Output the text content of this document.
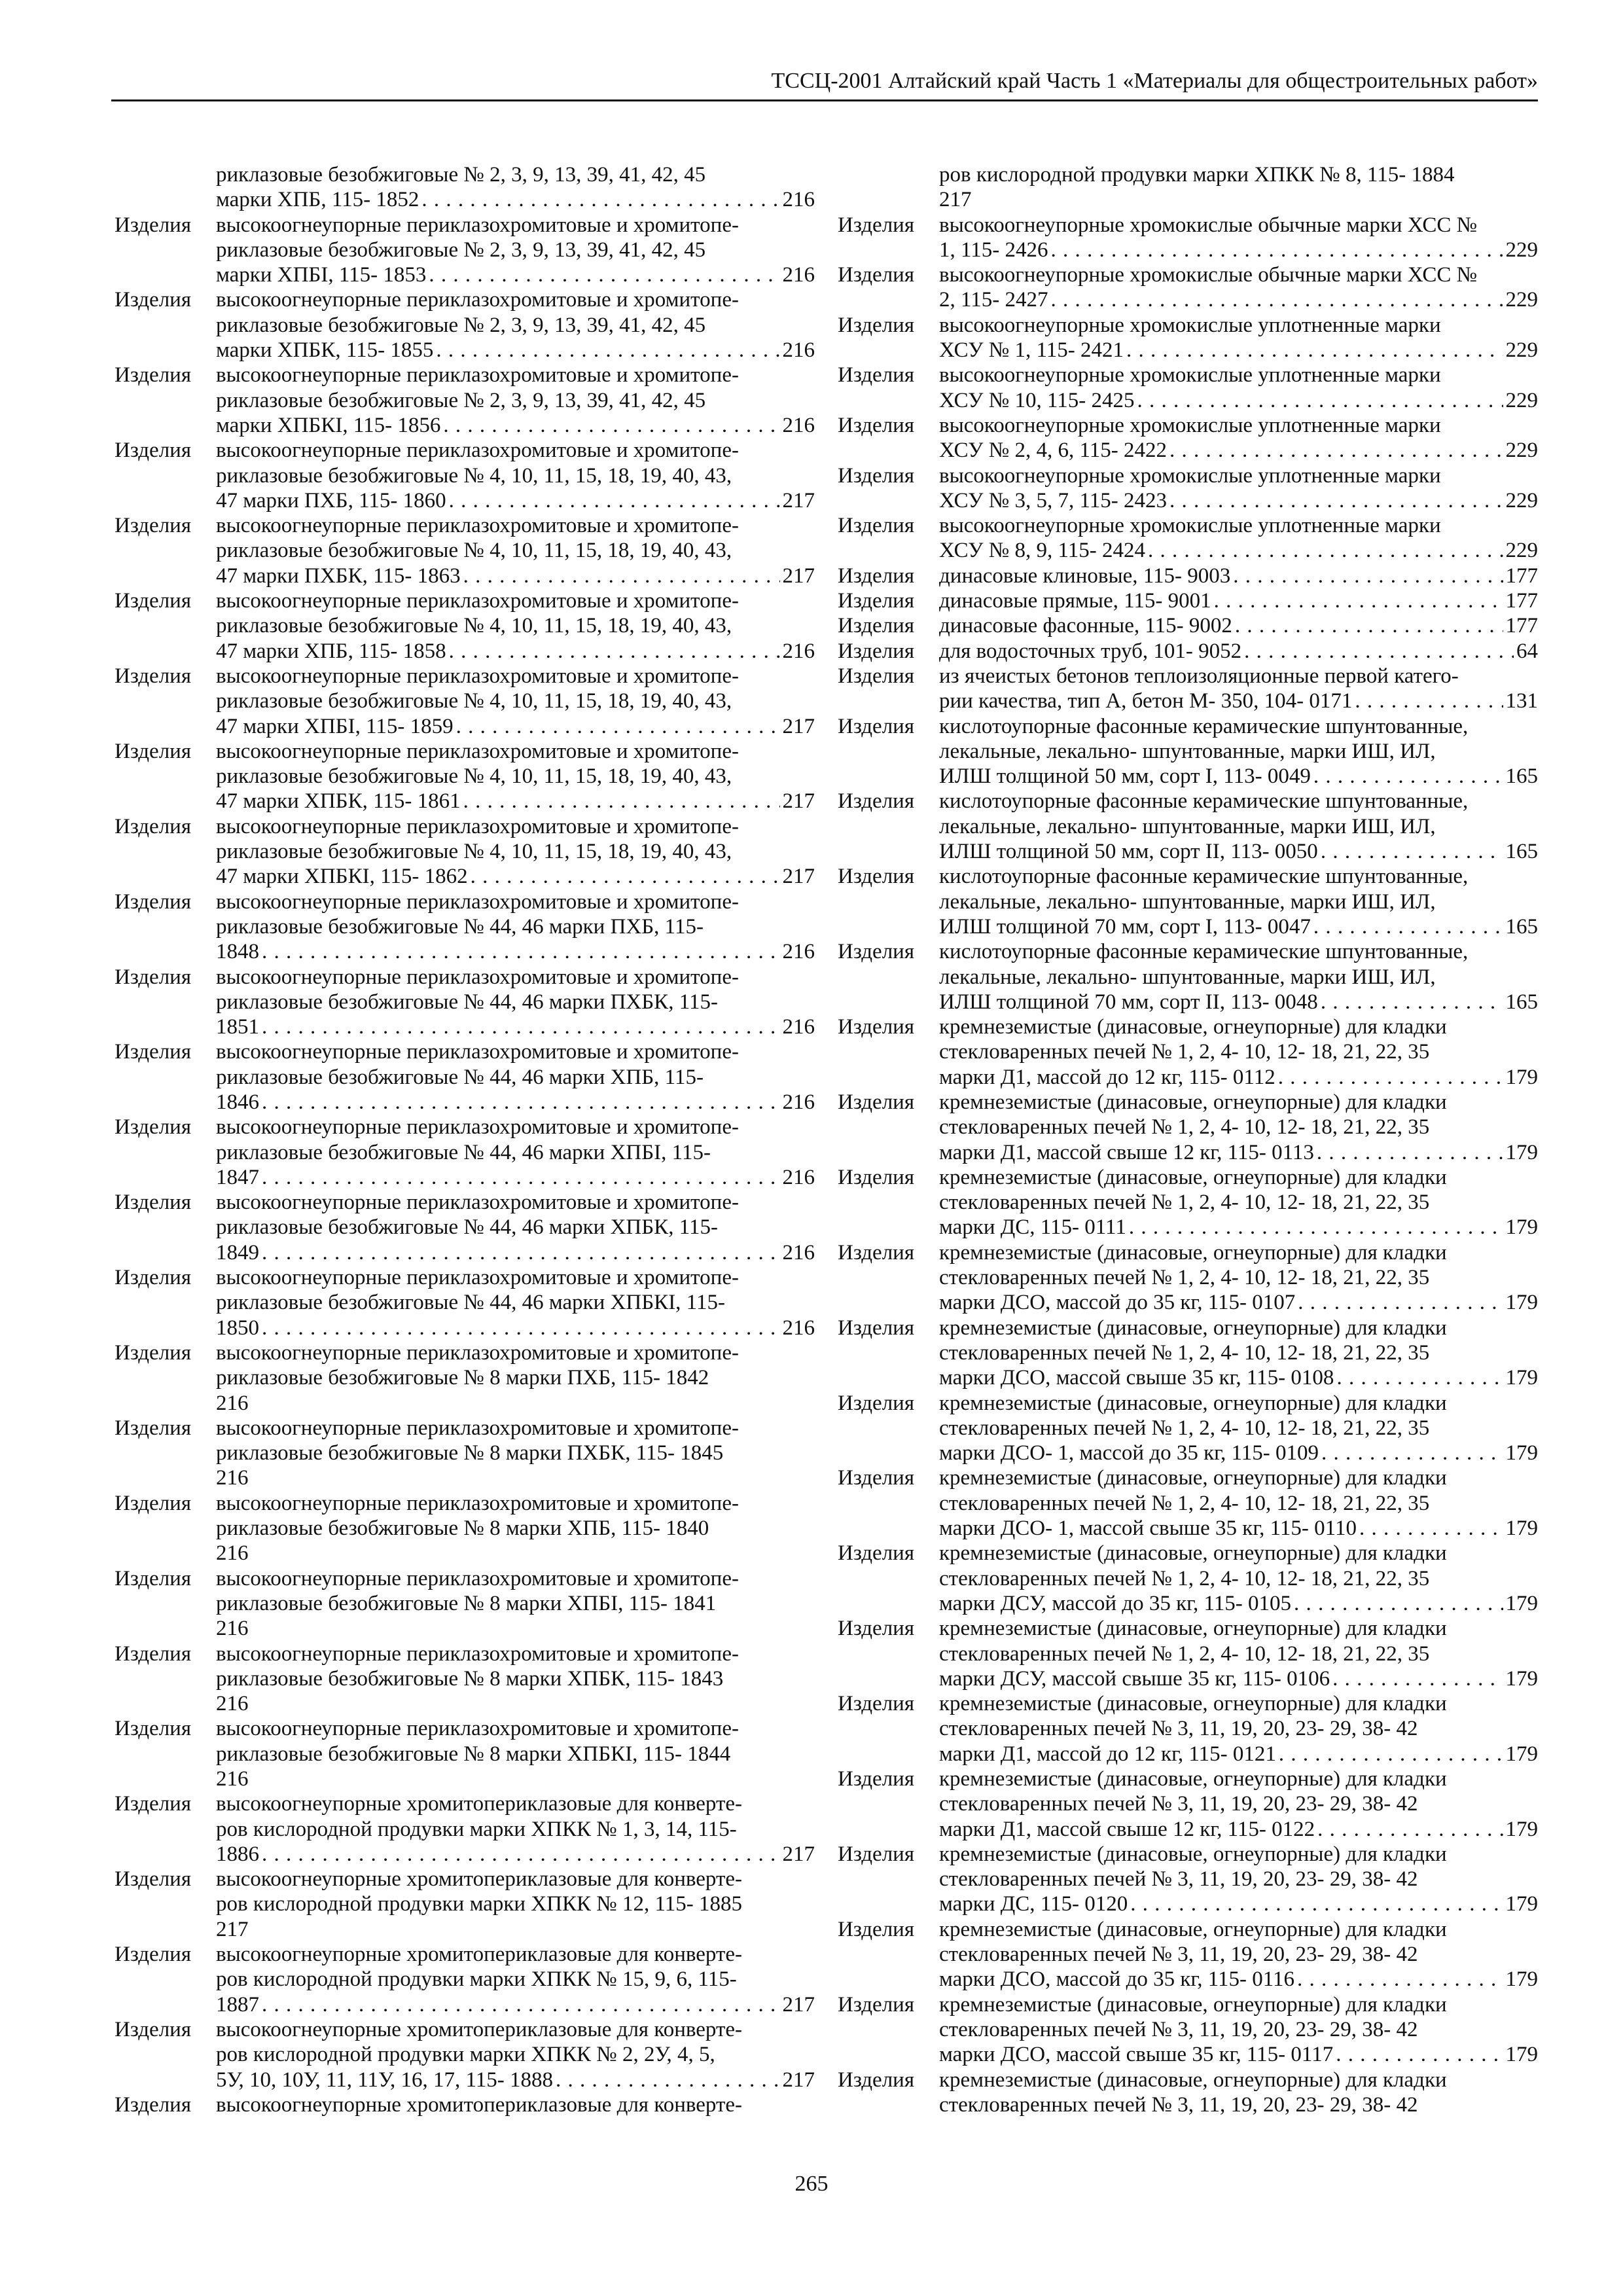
ТССЦ-2001 Алтайский край Часть 1 «Материалы для общестроительных работ»
риклазовые безобжиговые № 2, 3, 9, 13, 39, 41, 42, 45
марки ХПБ, 115- 1852 . . .	216
Изделия	высокоогнеупорные периклазохромитовые и хромитопе-
риклазовые безобжиговые № 2, 3, 9, 13, 39, 41, 42, 45
марки ХПБІ, 115- 1853 . . .	216
Изделия	высокоогнеупорные периклазохромитовые и хромитопе-
риклазовые безобжиговые № 2, 3, 9, 13, 39, 41, 42, 45
марки ХПБК, 115- 1855 . . .	216
Изделия	высокоогнеупорные периклазохромитовые и хромитопе-
риклазовые безобжиговые № 2, 3, 9, 13, 39, 41, 42, 45
марки ХПБКІ, 115- 1856 . . .	216
Изделия	высокоогнеупорные периклазохромитовые и хромитопе-
риклазовые безобжиговые № 4, 10, 11, 15, 18, 19, 40, 43,
47 марки ПХБ, 115- 1860 . . .	217
Изделия	высокоогнеупорные периклазохромитовые и хромитопе-
риклазовые безобжиговые № 4, 10, 11, 15, 18, 19, 40, 43,
47 марки ПХБК, 115- 1863 . . .	217
Изделия	высокоогнеупорные периклазохромитовые и хромитопе-
риклазовые безобжиговые № 4, 10, 11, 15, 18, 19, 40, 43,
47 марки ХПБ, 115- 1858 . . .	216
Изделия	высокоогнеупорные периклазохромитовые и хромитопе-
риклазовые безобжиговые № 4, 10, 11, 15, 18, 19, 40, 43,
47 марки ХПБІ, 115- 1859 . . .	217
Изделия	высокоогнеупорные периклазохромитовые и хромитопе-
риклазовые безобжиговые № 4, 10, 11, 15, 18, 19, 40, 43,
47 марки ХПБК, 115- 1861 . . .	217
Изделия	высокоогнеупорные периклазохромитовые и хромитопе-
риклазовые безобжиговые № 4, 10, 11, 15, 18, 19, 40, 43,
47 марки ХПБКІ, 115- 1862 . . .	217
Изделия	высокоогнеупорные периклазохромитовые и хромитопе-
риклазовые безобжиговые № 44, 46 марки ПХБ, 115-
1848 . . .	216
Изделия	высокоогнеупорные периклазохромитовые и хромитопе-
риклазовые безобжиговые № 44, 46 марки ПХБК, 115-
1851 . . .	216
Изделия	высокоогнеупорные периклазохромитовые и хромитопе-
риклазовые безобжиговые № 44, 46 марки ХПБ, 115-
1846 . . .	216
Изделия	высокоогнеупорные периклазохромитовые и хромитопе-
риклазовые безобжиговые № 44, 46 марки ХПБІ, 115-
1847 . . .	216
Изделия	высокоогнеупорные периклазохромитовые и хромитопе-
риклазовые безобжиговые № 44, 46 марки ХПБК, 115-
1849 . . .	216
Изделия	высокоогнеупорные периклазохромитовые и хромитопе-
риклазовые безобжиговые № 44, 46 марки ХПБКІ, 115-
1850 . . .	216
Изделия	высокоогнеупорные периклазохромитовые и хромитопе-
риклазовые безобжиговые № 8 марки ПХБ, 115- 1842
216
Изделия	высокоогнеупорные периклазохромитовые и хромитопе-
риклазовые безобжиговые № 8 марки ПХБК, 115- 1845
216
Изделия	высокоогнеупорные периклазохромитовые и хромитопе-
риклазовые безобжиговые № 8 марки ХПБ, 115- 1840
216
Изделия	высокоогнеупорные периклазохромитовые и хромитопе-
риклазовые безобжиговые № 8 марки ХПБІ, 115- 1841
216
Изделия	высокоогнеупорные периклазохромитовые и хромитопе-
риклазовые безобжиговые № 8 марки ХПБК, 115- 1843
216
Изделия	высокоогнеупорные периклазохромитовые и хромитопе-
риклазовые безобжиговые № 8 марки ХПБКІ, 115- 1844
216
Изделия	высокоогнеупорные хромитопериклазовые для конверте-
ров кислородной продувки марки ХПКК № 1, 3, 14, 115-
1886 . . .	217
Изделия	высокоогнеупорные хромитопериклазовые для конверте-
ров кислородной продувки марки ХПКК № 12, 115- 1885
217
Изделия	высокоогнеупорные хромитопериклазовые для конверте-
ров кислородной продувки марки ХПКК № 15, 9, 6, 115-
1887 . . .	217
Изделия	высокоогнеупорные хромитопериклазовые для конверте-
ров кислородной продувки марки ХПКК № 2, 2У, 4, 5,
5У, 10, 10У, 11, 11У, 16, 17, 115- 1888 . . .	217
Изделия	высокоогнеупорные хромитопериклазовые для конверте-
ров кислородной продувки марки ХПКК № 8, 115- 1884
217
Изделия	высокоогнеупорные хромокислые обычные марки ХСС №
1, 115- 2426 . . .	229
Изделия	высокоогнеупорные хромокислые обычные марки ХСС №
2, 115- 2427 . . .	229
Изделия	высокоогнеупорные хромокислые уплотненные марки
ХСУ № 1, 115- 2421 . . .	229
Изделия	высокоогнеупорные хромокислые уплотненные марки
ХСУ № 10, 115- 2425 . . .	229
Изделия	высокоогнеупорные хромокислые уплотненные марки
ХСУ № 2, 4, 6, 115- 2422 . . .	229
Изделия	высокоогнеупорные хромокислые уплотненные марки
ХСУ № 3, 5, 7, 115- 2423 . . .	229
Изделия	высокоогнеупорные хромокислые уплотненные марки
ХСУ № 8, 9, 115- 2424 . . .	229
Изделия	динасовые клиновые, 115- 9003 . . .	177
Изделия	динасовые прямые, 115- 9001 . . .	177
Изделия	динасовые фасонные, 115- 9002 . . .	177
Изделия	для водосточных труб, 101- 9052 . . .	64
Изделия	из ячеистых бетонов теплоизоляционные первой катего-
рии качества, тип А, бетон М- 350, 104- 0171 . . .	131
Изделия	кислотоупорные фасонные керамические шпунтованные,
лекальные, лекально- шпунтованные, марки ИШ, ИЛ,
ИЛШ толщиной 50 мм, сорт I, 113- 0049 . . .	165
Изделия	кислотоупорные фасонные керамические шпунтованные,
лекальные, лекально- шпунтованные, марки ИШ, ИЛ,
ИЛШ толщиной 50 мм, сорт II, 113- 0050 . . .	165
Изделия	кислотоупорные фасонные керамические шпунтованные,
лекальные, лекально- шпунтованные, марки ИШ, ИЛ,
ИЛШ толщиной 70 мм, сорт I, 113- 0047 . . .	165
Изделия	кислотоупорные фасонные керамические шпунтованные,
лекальные, лекально- шпунтованные, марки ИШ, ИЛ,
ИЛШ толщиной 70 мм, сорт II, 113- 0048 . . .	165
Изделия	кремнеземистые (динасовые, огнеупорные) для кладки
стекловаренных печей № 1, 2, 4- 10, 12- 18, 21, 22, 35
марки Д1, массой до 12 кг, 115- 0112 . . .	179
Изделия	кремнеземистые (динасовые, огнеупорные) для кладки
стекловаренных печей № 1, 2, 4- 10, 12- 18, 21, 22, 35
марки Д1, массой свыше 12 кг, 115- 0113 . . .	179
Изделия	кремнеземистые (динасовые, огнеупорные) для кладки
стекловаренных печей № 1, 2, 4- 10, 12- 18, 21, 22, 35
марки ДС, 115- 0111 . . .	179
Изделия	кремнеземистые (динасовые, огнеупорные) для кладки
стекловаренных печей № 1, 2, 4- 10, 12- 18, 21, 22, 35
марки ДСО, массой до 35 кг, 115- 0107 . . .	179
Изделия	кремнеземистые (динасовые, огнеупорные) для кладки
стекловаренных печей № 1, 2, 4- 10, 12- 18, 21, 22, 35
марки ДСО, массой свыше 35 кг, 115- 0108 . . .	179
Изделия	кремнеземистые (динасовые, огнеупорные) для кладки
стекловаренных печей № 1, 2, 4- 10, 12- 18, 21, 22, 35
марки ДСО- 1, массой до 35 кг, 115- 0109 . . .	179
Изделия	кремнеземистые (динасовые, огнеупорные) для кладки
стекловаренных печей № 1, 2, 4- 10, 12- 18, 21, 22, 35
марки ДСО- 1, массой свыше 35 кг, 115- 0110 . . .	179
Изделия	кремнеземистые (динасовые, огнеупорные) для кладки
стекловаренных печей № 1, 2, 4- 10, 12- 18, 21, 22, 35
марки ДСУ, массой до 35 кг, 115- 0105 . . .	179
Изделия	кремнеземистые (динасовые, огнеупорные) для кладки
стекловаренных печей № 1, 2, 4- 10, 12- 18, 21, 22, 35
марки ДСУ, массой свыше 35 кг, 115- 0106 . . .	179
Изделия	кремнеземистые (динасовые, огнеупорные) для кладки
стекловаренных печей № 3, 11, 19, 20, 23- 29, 38- 42
марки Д1, массой до 12 кг, 115- 0121 . . .	179
Изделия	кремнеземистые (динасовые, огнеупорные) для кладки
стекловаренных печей № 3, 11, 19, 20, 23- 29, 38- 42
марки Д1, массой свыше 12 кг, 115- 0122 . . .	179
Изделия	кремнеземистые (динасовые, огнеупорные) для кладки
стекловаренных печей № 3, 11, 19, 20, 23- 29, 38- 42
марки ДС, 115- 0120 . . .	179
Изделия	кремнеземистые (динасовые, огнеупорные) для кладки
стекловаренных печей № 3, 11, 19, 20, 23- 29, 38- 42
марки ДСО, массой до 35 кг, 115- 0116 . . .	179
Изделия	кремнеземистые (динасовые, огнеупорные) для кладки
стекловаренных печей № 3, 11, 19, 20, 23- 29, 38- 42
марки ДСО, массой свыше 35 кг, 115- 0117 . . .	179
Изделия	кремнеземистые (динасовые, огнеупорные) для кладки
стекловаренных печей № 3, 11, 19, 20, 23- 29, 38- 42
265
